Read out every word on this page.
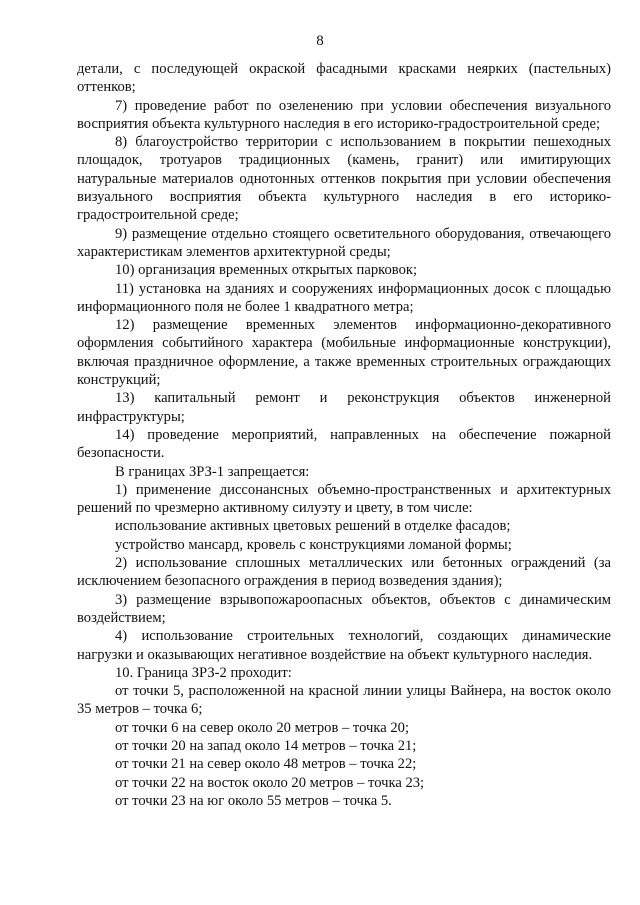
8

детали, с последующей окраской фасадными красками неярких (пастельных) оттенков;

7) проведение работ по озеленению при условии обеспечения визуального восприятия объекта культурного наследия в его историко-градостроительной среде;

8) благоустройство территории с использованием в покрытии пешеходных площадок, тротуаров традиционных (камень, гранит) или имитирующих натуральные материалов однотонных оттенков покрытия при условии обеспечения визуального восприятия объекта культурного наследия в его историко-градостроительной среде;

9) размещение отдельно стоящего осветительного оборудования, отвечающего характеристикам элементов архитектурной среды;

10) организация временных открытых парковок;

11) установка на зданиях и сооружениях информационных досок с площадью информационного поля не более 1 квадратного метра;

12) размещение временных элементов информационно-декоративного оформления событийного характера (мобильные информационные конструкции), включая праздничное оформление, а также временных строительных ограждающих конструкций;

13) капитальный ремонт и реконструкция объектов инженерной инфраструктуры;

14) проведение мероприятий, направленных на обеспечение пожарной безопасности.

В границах ЗРЗ-1 запрещается:

1) применение диссонансных объемно-пространственных и архитектурных решений по чрезмерно активному силуэту и цвету, в том числе:

использование активных цветовых решений в отделке фасадов;

устройство мансард, кровель с конструкциями ломаной формы;

2) использование сплошных металлических или бетонных ограждений (за исключением безопасного ограждения в период возведения здания);

3) размещение взрывопожароопасных объектов, объектов с динамическим воздействием;

4) использование строительных технологий, создающих динамические нагрузки и оказывающих негативное воздействие на объект культурного наследия.

10. Граница ЗРЗ-2 проходит:

от точки 5, расположенной на красной линии улицы Вайнера, на восток около 35 метров – точка 6;

от точки 6 на север около 20 метров – точка 20;

от точки 20 на запад около 14 метров – точка 21;

от точки 21 на север около 48 метров – точка 22;

от точки 22 на восток около 20 метров – точка 23;

от точки 23 на юг около 55 метров – точка 5.
